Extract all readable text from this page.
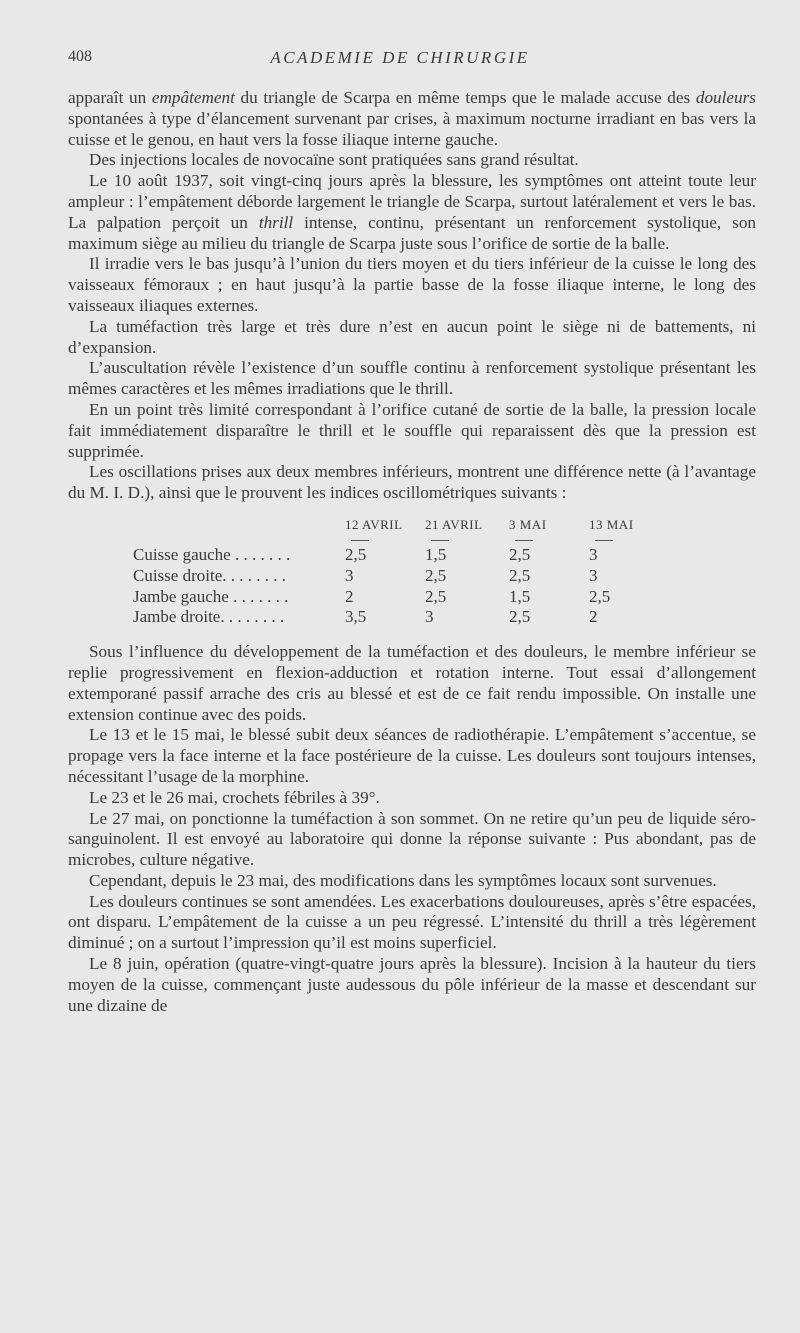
408	ACADEMIE DE CHIRURGIE

apparaît un empâtement du triangle de Scarpa en même temps que le malade accuse des douleurs spontanées à type d’élancement survenant par crises, à maximum nocturne irradiant en bas vers la cuisse et le genou, en haut vers la fosse iliaque interne gauche.

Des injections locales de novocaïne sont pratiquées sans grand résultat.

Le 10 août 1937, soit vingt-cinq jours après la blessure, les symptômes ont atteint toute leur ampleur : l’empâtement déborde largement le triangle de Scarpa, surtout latéralement et vers le bas. La palpation perçoit un thrill intense, continu, présentant un renforcement systolique, son maximum siège au milieu du triangle de Scarpa juste sous l’orifice de sortie de la balle.

Il irradie vers le bas jusqu’à l’union du tiers moyen et du tiers inférieur de la cuisse le long des vaisseaux fémoraux ; en haut jusqu’à la partie basse de la fosse iliaque interne, le long des vaisseaux iliaques externes.

La tuméfaction très large et très dure n’est en aucun point le siège ni de battements, ni d’expansion.

L’auscultation révèle l’existence d’un souffle continu à renforcement systolique présentant les mêmes caractères et les mêmes irradiations que le thrill.

En un point très limité correspondant à l’orifice cutané de sortie de la balle, la pression locale fait immédiatement disparaître le thrill et le souffle qui reparaissent dès que la pression est supprimée.

Les oscillations prises aux deux membres inférieurs, montrent une différence nette (à l’avantage du M. I. D.), ainsi que le prouvent les indices oscillométriques suivants :

	12 AVRIL	21 AVRIL	3 MAI	13 MAI

Cuisse gauche . . . . . . .	2,5	1,5	2,5	3
Cuisse droite. . . . . . . .	3	2,5	2,5	3
Jambe gauche . . . . . . .	2	2,5	1,5	2,5
Jambe droite. . . . . . . .	3,5	3	2,5	2

Sous l’influence du développement de la tuméfaction et des douleurs, le membre inférieur se replie progressivement en flexion-adduction et rotation interne. Tout essai d’allongement extemporané passif arrache des cris au blessé et est de ce fait rendu impossible. On installe une extension continue avec des poids.

Le 13 et le 15 mai, le blessé subit deux séances de radiothérapie. L’empâtement s’accentue, se propage vers la face interne et la face postérieure de la cuisse. Les douleurs sont toujours intenses, nécessitant l’usage de la morphine.

Le 23 et le 26 mai, crochets fébriles à 39°.

Le 27 mai, on ponctionne la tuméfaction à son sommet. On ne retire qu’un peu de liquide séro-sanguinolent. Il est envoyé au laboratoire qui donne la réponse suivante : Pus abondant, pas de microbes, culture négative.

Cependant, depuis le 23 mai, des modifications dans les symptômes locaux sont survenues.

Les douleurs continues se sont amendées. Les exacerbations douloureuses, après s’être espacées, ont disparu. L’empâtement de la cuisse a un peu régressé. L’intensité du thrill a très légèrement diminué ; on a surtout l’impression qu’il est moins superficiel.

Le 8 juin, opération (quatre-vingt-quatre jours après la blessure). Incision à la hauteur du tiers moyen de la cuisse, commençant juste audessous du pôle inférieur de la masse et descendant sur une dizaine de
